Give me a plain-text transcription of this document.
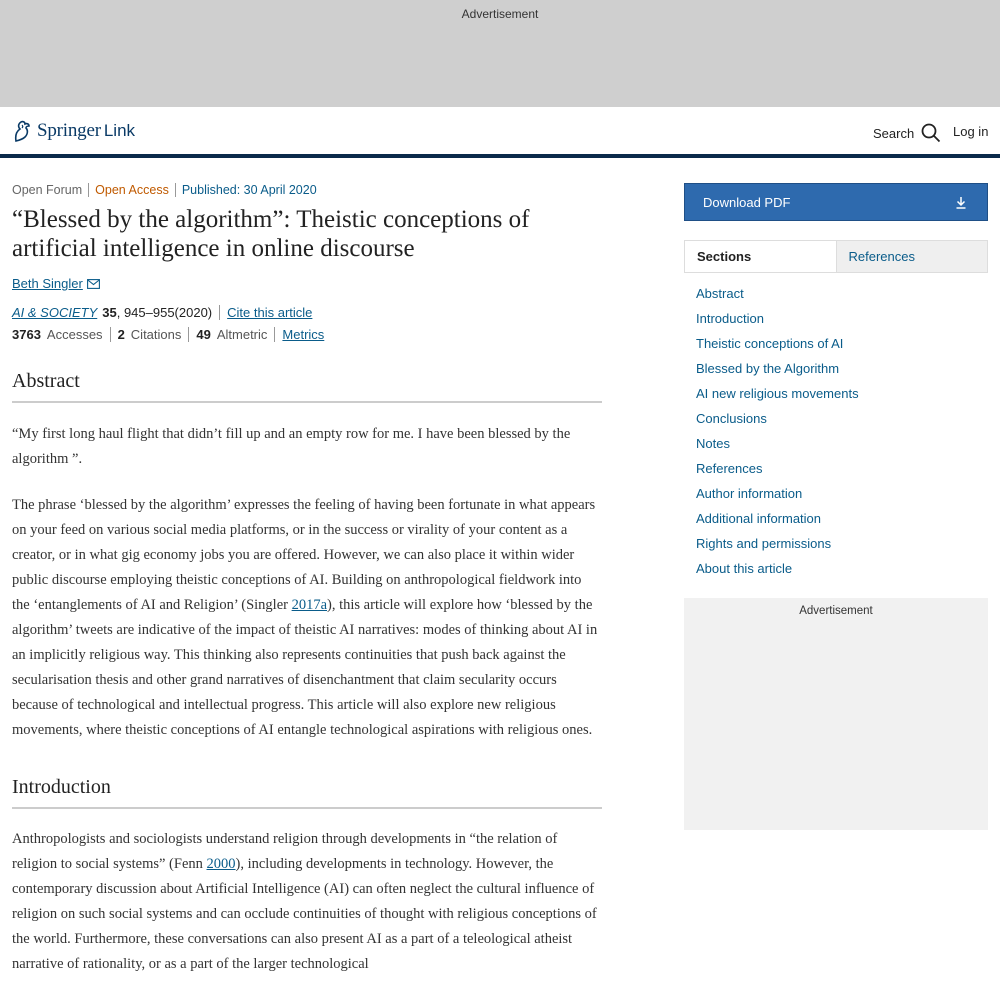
Advertisement
Springer Link	Search	Log in
Open Forum Open Access Published: 30 April 2020
“Blessed by the algorithm”: Theistic conceptions of artificial intelligence in online discourse
Beth Singler
AI & SOCIETY 35 , 945–955(2020) Cite this article
3763 Accesses 2 Citations 49 Altmetric Metrics
Abstract

“My first long haul flight that didn’t fill up and an empty row for me. I have been blessed by the algorithm ”.

The phrase ‘blessed by the algorithm’ expresses the feeling of having been fortunate in what appears on your feed on various social media platforms, or in the success or virality of your content as a creator, or in what gig economy jobs you are offered. However, we can also place it within wider public discourse employing theistic conceptions of AI. Building on anthropological fieldwork into the ‘entanglements of AI and Religion’ (Singler 2017a), this article will explore how ‘blessed by the algorithm’ tweets are indicative of the impact of theistic AI narratives: modes of thinking about AI in an implicitly religious way. This thinking also represents continuities that push back against the secularisation thesis and other grand narratives of disenchantment that claim secularity occurs because of technological and intellectual progress. This article will also explore new religious movements, where theistic conceptions of AI entangle technological aspirations with religious ones.

Introduction

Anthropologists and sociologists understand religion through developments in “the relation of religion to social systems” (Fenn 2000), including developments in technology. However, the contemporary discussion about Artificial Intelligence (AI) can often neglect the cultural influence of religion on such social systems and can occlude continuities of thought with religious conceptions of the world. Furthermore, these conversations can also present AI as a part of a teleological atheist narrative of rationality, or as a part of the larger technological

Download PDF
Sections	References
Abstract
Introduction
Theistic conceptions of AI
Blessed by the Algorithm
AI new religious movements
Conclusions
Notes
References
Author information
Additional information
Rights and permissions
About this article
Advertisement
